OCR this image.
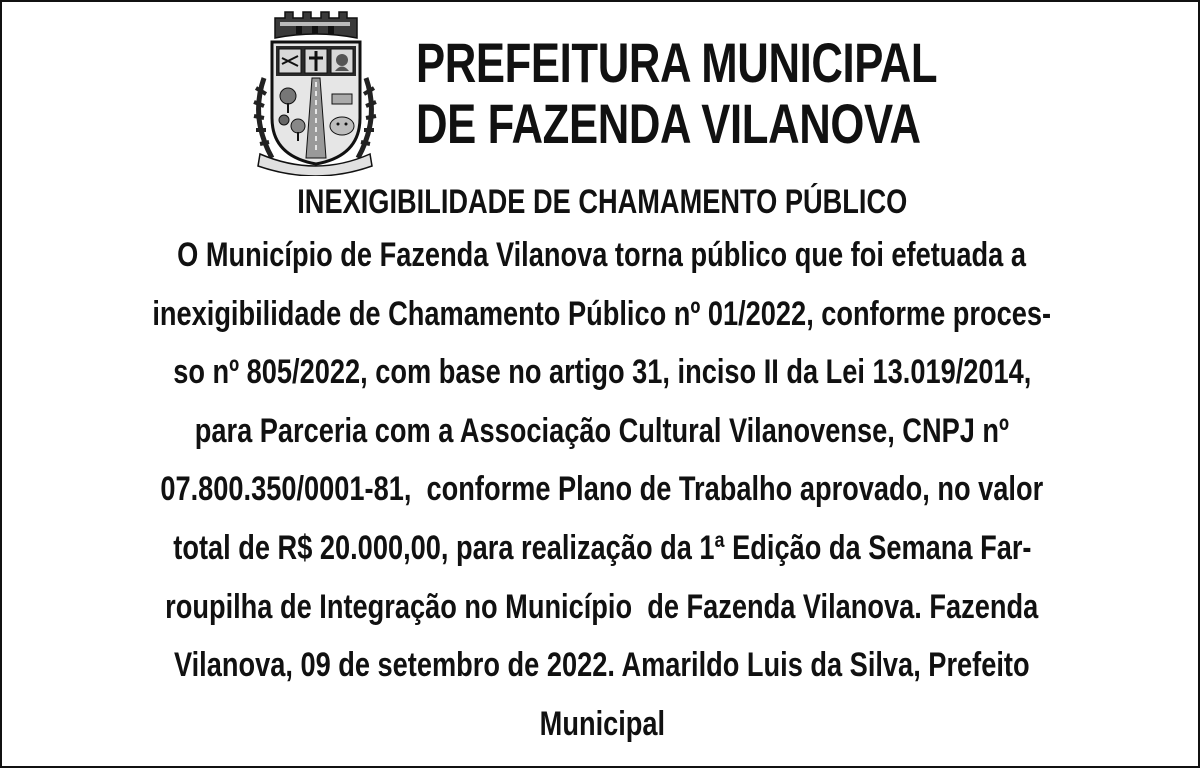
PREFEITURA MUNICIPAL
DE FAZENDA VILANOVA
INEXIGIBILIDADE DE CHAMAMENTO PÚBLICO
O Município de Fazenda Vilanova torna público que foi efetuada a
inexigibilidade de Chamamento Público nº 01/2022, conforme proces-
so nº 805/2022, com base no artigo 31, inciso II da Lei 13.019/2014,
para Parceria com a Associação Cultural Vilanovense, CNPJ nº
07.800.350/0001-81,  conforme Plano de Trabalho aprovado, no valor
total de R$ 20.000,00, para realização da 1ª Edição da Semana Far-
roupilha de Integração no Município  de Fazenda Vilanova. Fazenda
Vilanova, 09 de setembro de 2022. Amarildo Luis da Silva, Prefeito
Municipal
